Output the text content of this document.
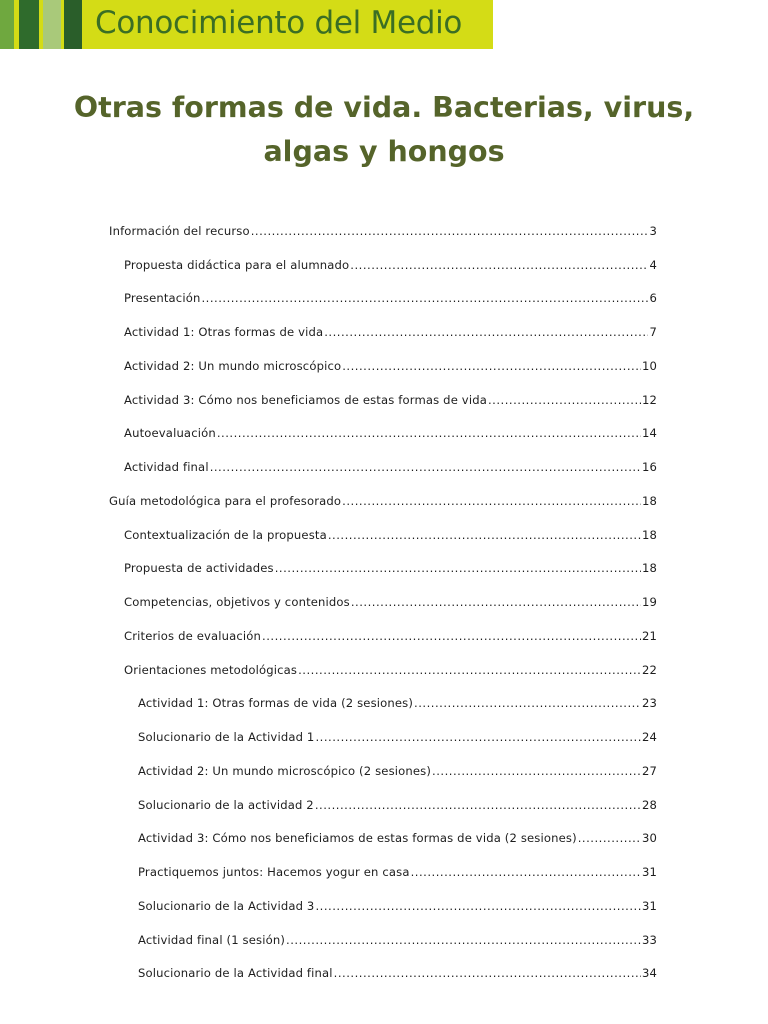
Conocimiento del Medio
Otras formas de vida. Bacterias, virus, algas y hongos
Información del recurso .....	3
Propuesta didáctica para el alumnado .....	4
Presentación .....	6
Actividad 1: Otras formas de vida .....	7
Actividad 2: Un mundo microscópico .....	10
Actividad 3: Cómo nos beneficiamos de estas formas de vida .....	12
Autoevaluación .....	14
Actividad final .....	16
Guía metodológica para el profesorado .....	18
Contextualización de la propuesta .....	18
Propuesta de actividades .....	18
Competencias, objetivos y contenidos .....	19
Criterios de evaluación .....	21
Orientaciones metodológicas .....	22
Actividad 1: Otras formas de vida (2 sesiones) .....	23
Solucionario de la Actividad 1 .....	24
Actividad 2: Un mundo microscópico (2 sesiones) .....	27
Solucionario de la actividad 2 .....	28
Actividad 3: Cómo nos beneficiamos de estas formas de vida (2 sesiones) .....	30
Practiquemos juntos: Hacemos yogur en casa .....	31
Solucionario de la Actividad 3 .....	31
Actividad final (1 sesión) .....	33
Solucionario de la Actividad final .....	34
